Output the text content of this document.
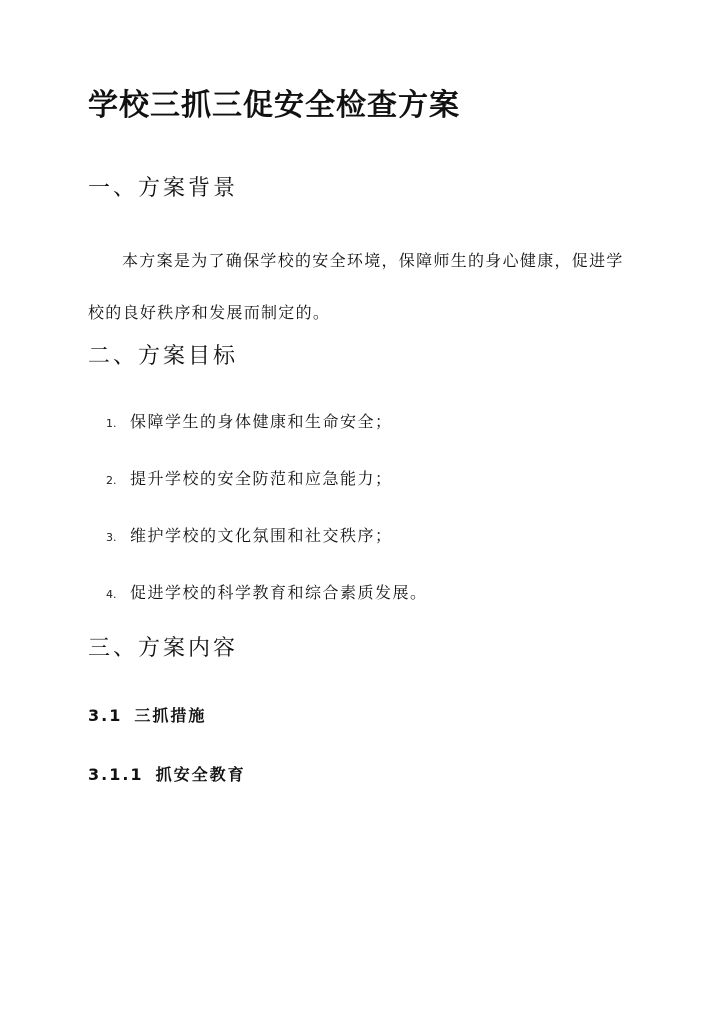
学校三抓三促安全检查方案
一、方案背景

本方案是为了确保学校的安全环境，保障师生的身心健康，促进学校的良好秩序和发展而制定的。

二、方案目标
1. 保障学生的身体健康和生命安全；
2. 提升学校的安全防范和应急能力；
3. 维护学校的文化氛围和社交秩序；
4. 促进学校的科学教育和综合素质发展。
三、方案内容
3.1 三抓措施
3.1.1 抓安全教育
